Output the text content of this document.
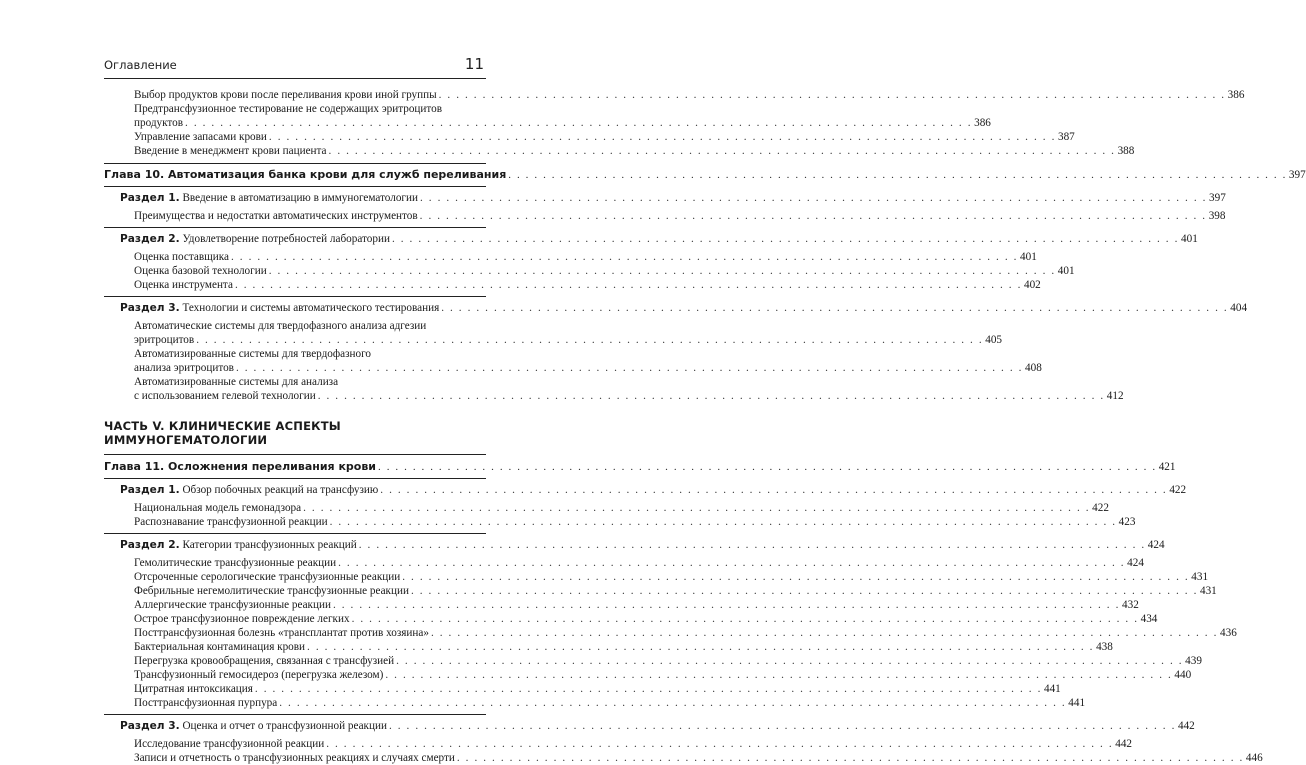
Оглавление	11
Выбор продуктов крови после переливания крови иной группы . . .	386
Предтрансфузионное тестирование не содержащих эритроцитов
продуктов . . .	386
Управление запасами крови . . .	387
Введение в менеджмент крови пациента . . .	388
Глава 10. Автоматизация банка крови для служб переливания . . .	397
Раздел 1. Введение в автоматизацию в иммуногематологии . . .	397
Преимущества и недостатки автоматических инструментов . . .	398
Раздел 2. Удовлетворение потребностей лаборатории . . .	401
Оценка поставщика . . .	401
Оценка базовой технологии . . .	401
Оценка инструмента . . .	402
Раздел 3. Технологии и системы автоматического тестирования . . .	404
Автоматические системы для твердофазного анализа адгезии
эритроцитов . . .	405
Автоматизированные системы для твердофазного
анализа эритроцитов . . .	408
Автоматизированные системы для анализа
с использованием гелевой технологии . . .	412
ЧАСТЬ V. КЛИНИЧЕСКИЕ АСПЕКТЫ ИММУНОГЕМАТОЛОГИИ
Глава 11. Осложнения переливания крови . . .	421
Раздел 1. Обзор побочных реакций на трансфузию . . .	422
Национальная модель гемонадзора . . .	422
Распознавание трансфузионной реакции . . .	423
Раздел 2. Категории трансфузионных реакций . . .	424
Гемолитические трансфузионные реакции . . .	424
Отсроченные серологические трансфузионные реакции . . .	431
Фебрильные негемолитические трансфузионные реакции . . .	431
Аллергические трансфузионные реакции . . .	432
Острое трансфузионное повреждение легких . . .	434
Посттрансфузионная болезнь «трансплантат против хозяина» . . .	436
Бактериальная контаминация крови . . .	438
Перегрузка кровообращения, связанная с трансфузией . . .	439
Трансфузионный гемосидероз (перегрузка железом) . . .	440
Цитратная интоксикация . . .	441
Посттрансфузионная пурпура . . .	441
Раздел 3. Оценка и отчет о трансфузионной реакции . . .	442
Исследование трансфузионной реакции . . .	442
Записи и отчетность о трансфузионных реакциях и случаях смерти . . .	446
